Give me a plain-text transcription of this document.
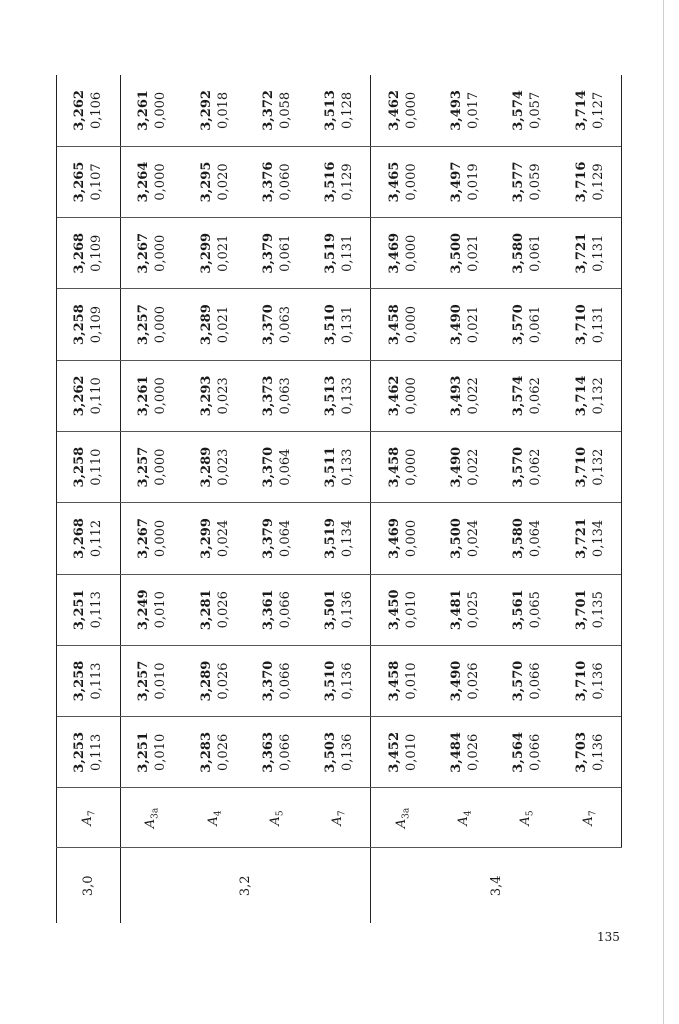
3,0	$A_7$	3,253 0,113	3,258 0,113	3,251 0,113	3,268 0,112	3,258 0,110	3,262 0,110	3,258 0,109	3,268 0,109	3,265 0,107	3,262 0,106

3,2	$A_{3а}$	3,251 0,010	3,257 0,010	3,249 0,010	3,267 0,000	3,257 0,000	3,261 0,000	3,257 0,000	3,267 0,000	3,264 0,000	3,261 0,000

	$A_4$	3,283 0,026	3,289 0,026	3,281 0,026	3,299 0,024	3,289 0,023	3,293 0,023	3,289 0,021	3,299 0,021	3,295 0,020	3,292 0,018

	$A_5$	3,363 0,066	3,370 0,066	3,361 0,066	3,379 0,064	3,370 0,064	3,373 0,063	3,370 0,063	3,379 0,061	3,376 0,060	3,372 0,058

	$A_7$	3,503 0,136	3,510 0,136	3,501 0,136	3,519 0,134	3,511 0,133	3,513 0,133	3,510 0,131	3,519 0,131	3,516 0,129	3,513 0,128

3,4	$A_{3а}$	3,452 0,010	3,458 0,010	3,450 0,010	3,469 0,000	3,458 0,000	3,462 0,000	3,458 0,000	3,469 0,000	3,465 0,000	3,462 0,000

	$A_4$	3,484 0,026	3,490 0,026	3,481 0,025	3,500 0,024	3,490 0,022	3,493 0,022	3,490 0,021	3,500 0,021	3,497 0,019	3,493 0,017

	$A_5$	3,564 0,066	3,570 0,066	3,561 0,065	3,580 0,064	3,570 0,062	3,574 0,062	3,570 0,061	3,580 0,061	3,577 0,059	3,574 0,057

	$A_7$	3,703 0,136	3,710 0,136	3,701 0,135	3,721 0,134	3,710 0,132	3,714 0,132	3,710 0,131	3,721 0,131	3,716 0,129	3,714 0,127
135
